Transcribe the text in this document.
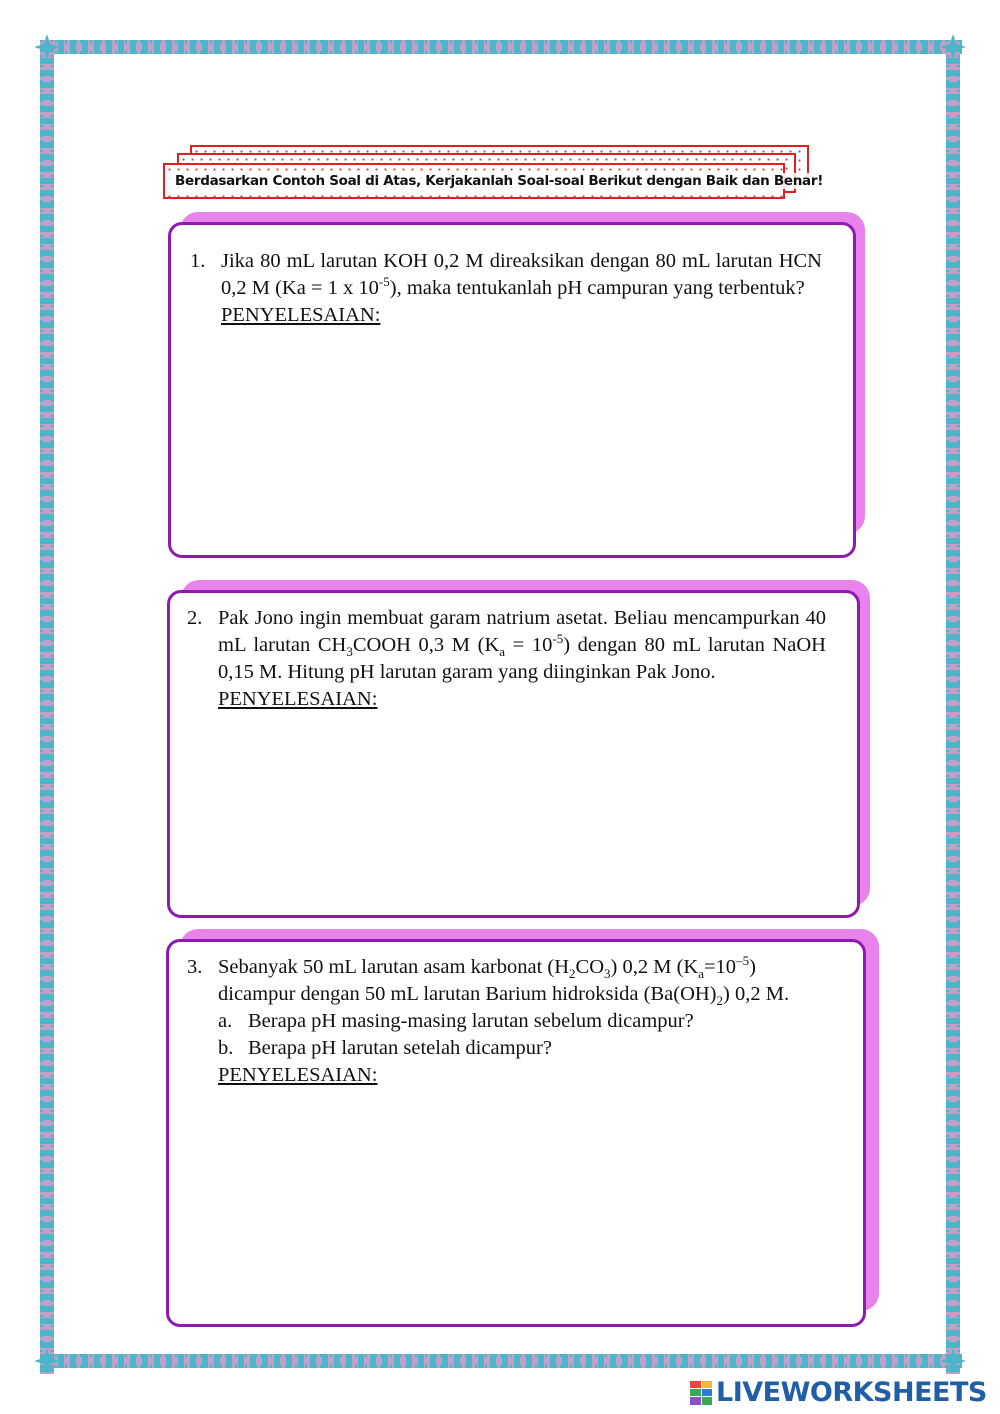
Berdasarkan Contoh Soal di Atas, Kerjakanlah Soal-soal Berikut dengan Baik dan Benar!
1. Jika 80 mL larutan KOH 0,2 M direaksikan dengan 80 mL larutan HCN 0,2 M (Ka = 1 x $10^{-5}$), maka tentukanlah pH campuran yang terbentuk?
PENYELESAIAN:
2. Pak Jono ingin membuat garam natrium asetat. Beliau mencampurkan 40 mL larutan $CH_3COOH$ 0,3 M $(K_a = 10^{-5})$ dengan 80 mL larutan NaOH 0,15 M. Hitung pH larutan garam yang diinginkan Pak Jono.
PENYELESAIAN:
3. Sebanyak 50 mL larutan asam karbonat $(H_2CO_3)$ 0,2 M $(K_a=10^{-5})$ dicampur dengan 50 mL larutan Barium hidroksida $(Ba(OH)_2)$ 0,2 M.
a. Berapa pH masing-masing larutan sebelum dicampur?
b. Berapa pH larutan setelah dicampur?
PENYELESAIAN:
LIVEWORKSHEETS
